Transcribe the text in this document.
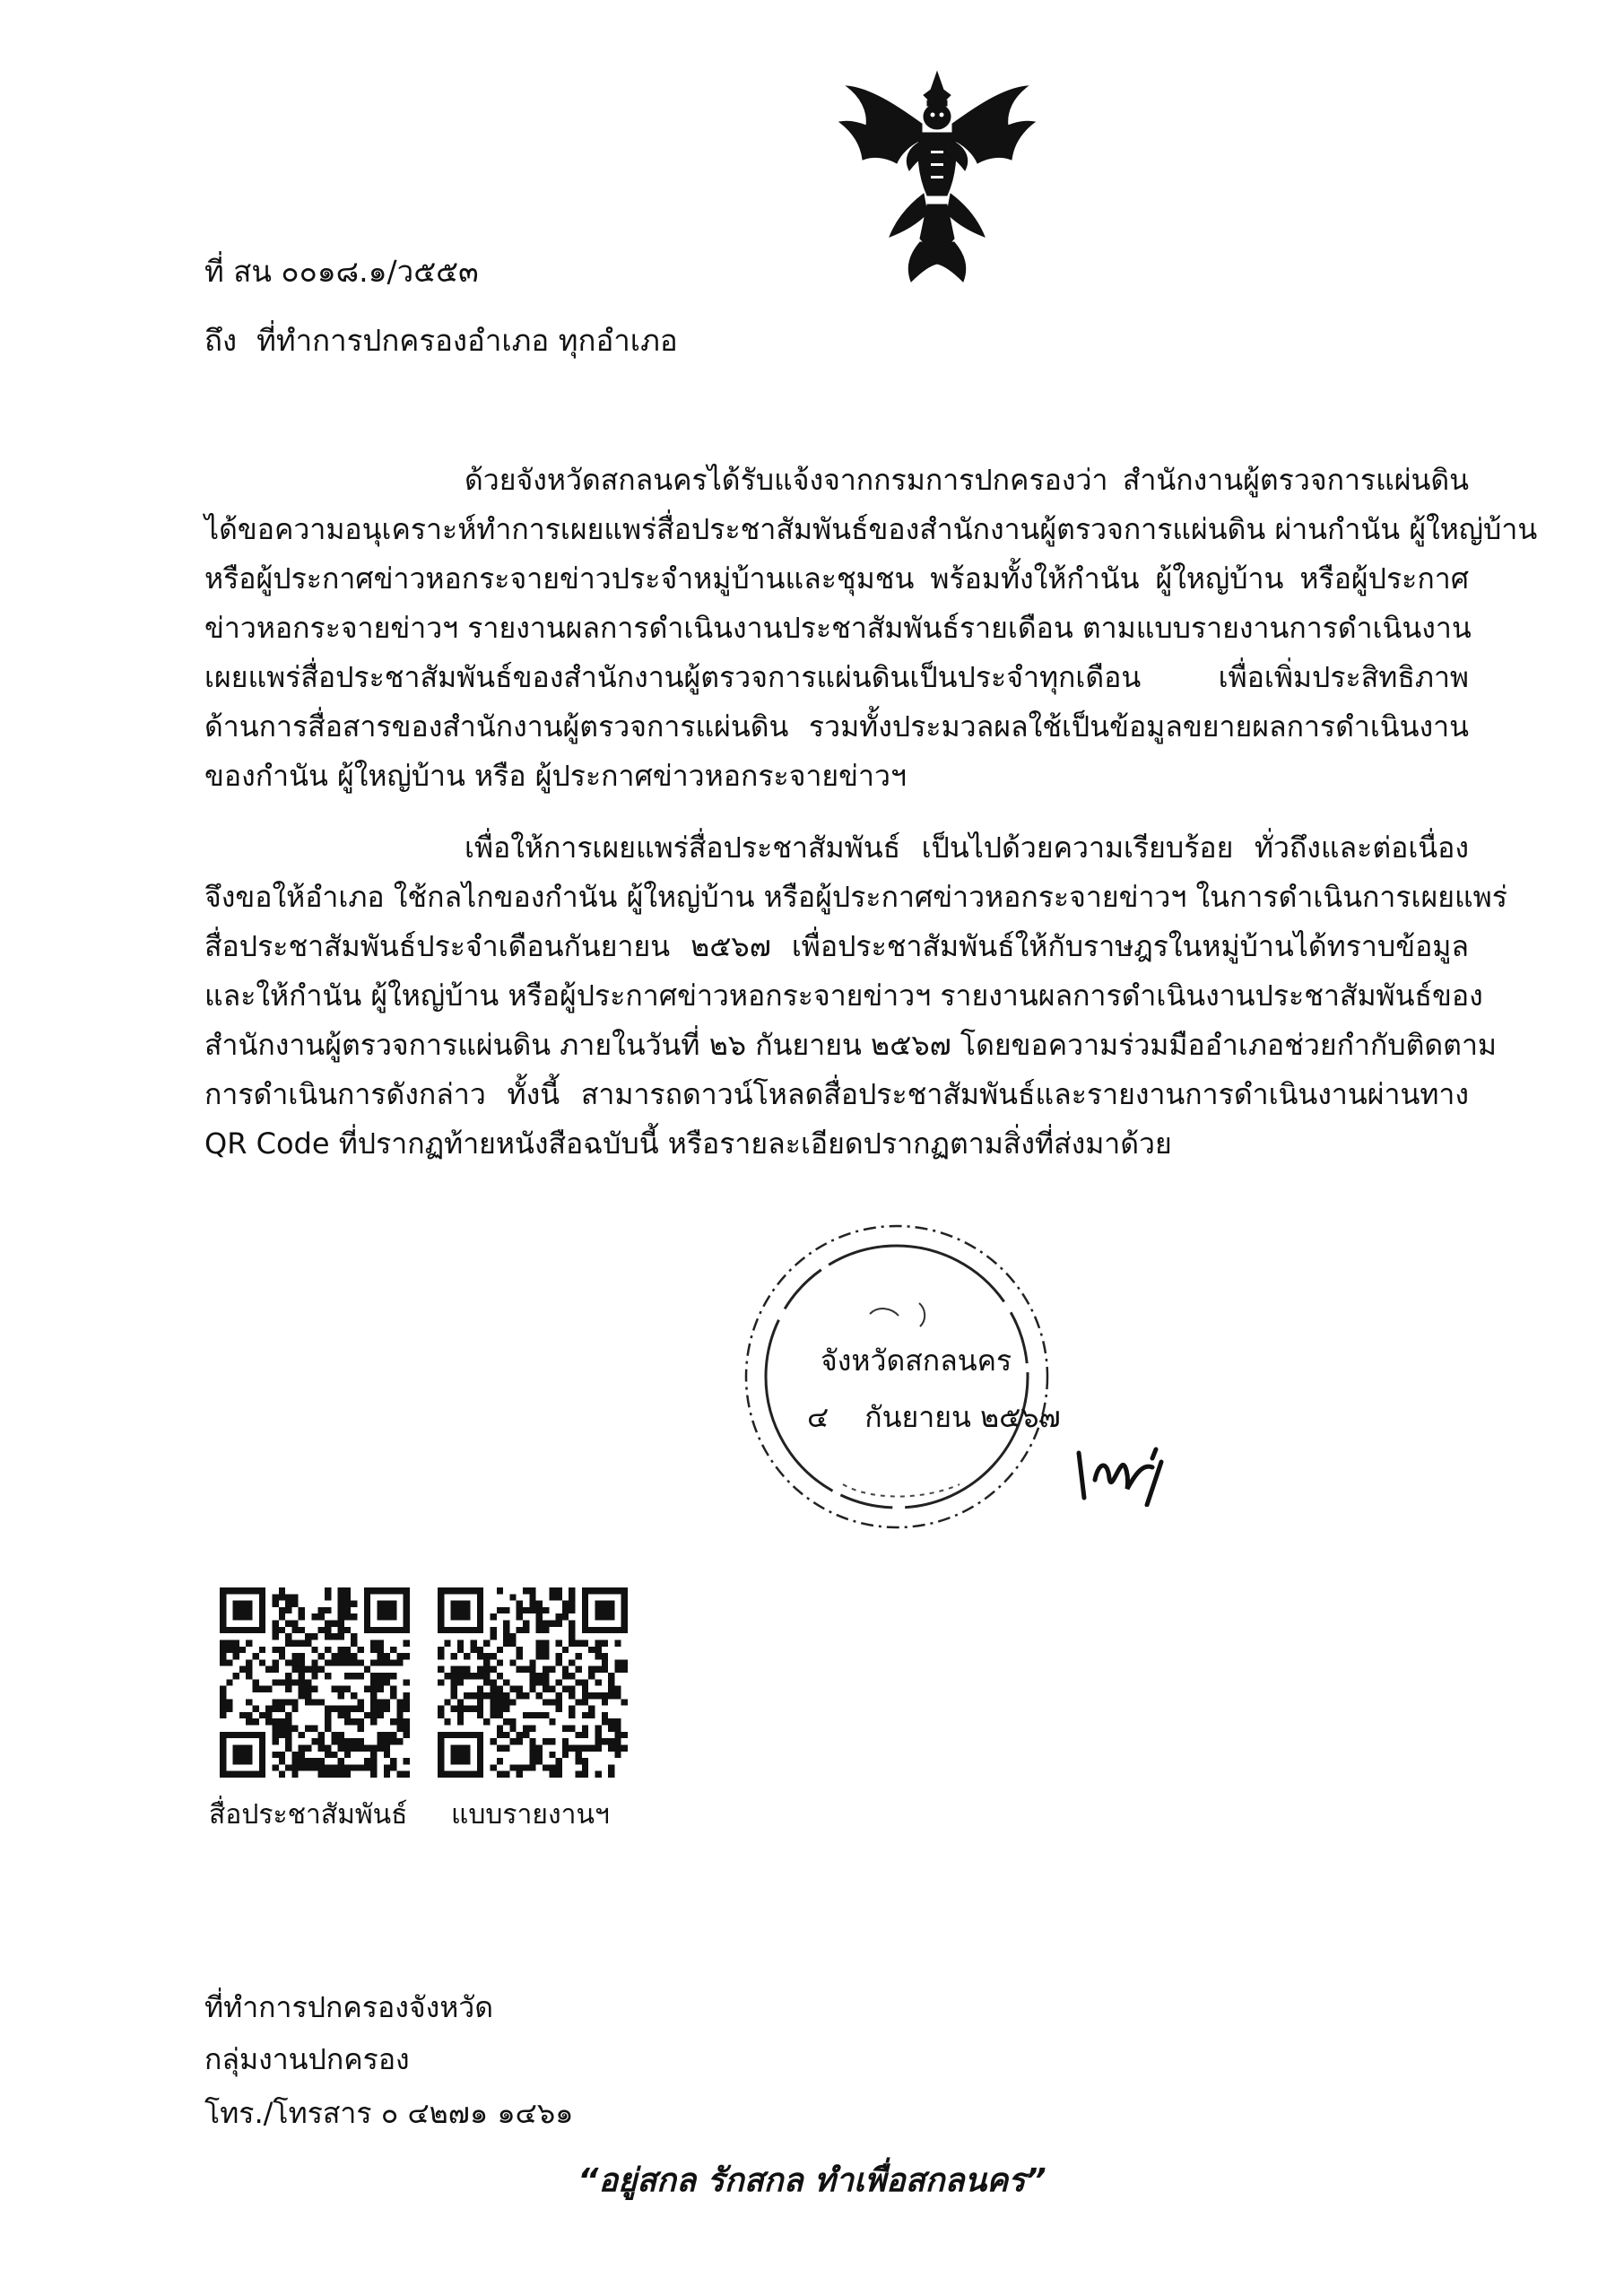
ที่ สน ๐๐๑๘.๑/ว๕๕๓
ถึง ที่ทำการปกครองอำเภอ ทุกอำเภอ
ด้วยจังหวัดสกลนครได้รับแจ้งจากกรมการปกครองว่า สำนักงานผู้ตรวจการแผ่นดิน
ได้ขอความอนุเคราะห์ทำการเผยแพร่สื่อประชาสัมพันธ์ของสำนักงานผู้ตรวจการแผ่นดิน ผ่านกำนัน ผู้ใหญ่บ้าน
หรือผู้ประกาศข่าวหอกระจายข่าวประจำหมู่บ้านและชุมชน พร้อมทั้งให้กำนัน ผู้ใหญ่บ้าน หรือผู้ประกาศ
ข่าวหอกระจายข่าวฯ รายงานผลการดำเนินงานประชาสัมพันธ์รายเดือน ตามแบบรายงานการดำเนินงาน
เผยแพร่สื่อประชาสัมพันธ์ของสำนักงานผู้ตรวจการแผ่นดินเป็นประจำทุกเดือน เพื่อเพิ่มประสิทธิภาพ
ด้านการสื่อสารของสำนักงานผู้ตรวจการแผ่นดิน รวมทั้งประมวลผลใช้เป็นข้อมูลขยายผลการดำเนินงาน
ของกำนัน ผู้ใหญ่บ้าน หรือ ผู้ประกาศข่าวหอกระจายข่าวฯ
เพื่อให้การเผยแพร่สื่อประชาสัมพันธ์ เป็นไปด้วยความเรียบร้อย ทั่วถึงและต่อเนื่อง
จึงขอให้อำเภอ ใช้กลไกของกำนัน ผู้ใหญ่บ้าน หรือผู้ประกาศข่าวหอกระจายข่าวฯ ในการดำเนินการเผยแพร่
สื่อประชาสัมพันธ์ประจำเดือนกันยายน ๒๕๖๗ เพื่อประชาสัมพันธ์ให้กับราษฎรในหมู่บ้านได้ทราบข้อมูล
และให้กำนัน ผู้ใหญ่บ้าน หรือผู้ประกาศข่าวหอกระจายข่าวฯ รายงานผลการดำเนินงานประชาสัมพันธ์ของ
สำนักงานผู้ตรวจการแผ่นดิน ภายในวันที่ ๒๖ กันยายน ๒๕๖๗ โดยขอความร่วมมืออำเภอช่วยกำกับติดตาม
การดำเนินการดังกล่าว ทั้งนี้ สามารถดาวน์โหลดสื่อประชาสัมพันธ์และรายงานการดำเนินงานผ่านทาง
QR Code ที่ปรากฏท้ายหนังสือฉบับนี้ หรือรายละเอียดปรากฏตามสิ่งที่ส่งมาด้วย
จังหวัดสกลนคร
๔ กันยายน ๒๕๖๗
สื่อประชาสัมพันธ์ แบบรายงานฯ
ที่ทำการปกครองจังหวัด
กลุ่มงานปกครอง
โทร./โทรสาร ๐ ๔๒๗๑ ๑๔๖๑
“อยู่สกล รักสกล ทำเพื่อสกลนคร”
